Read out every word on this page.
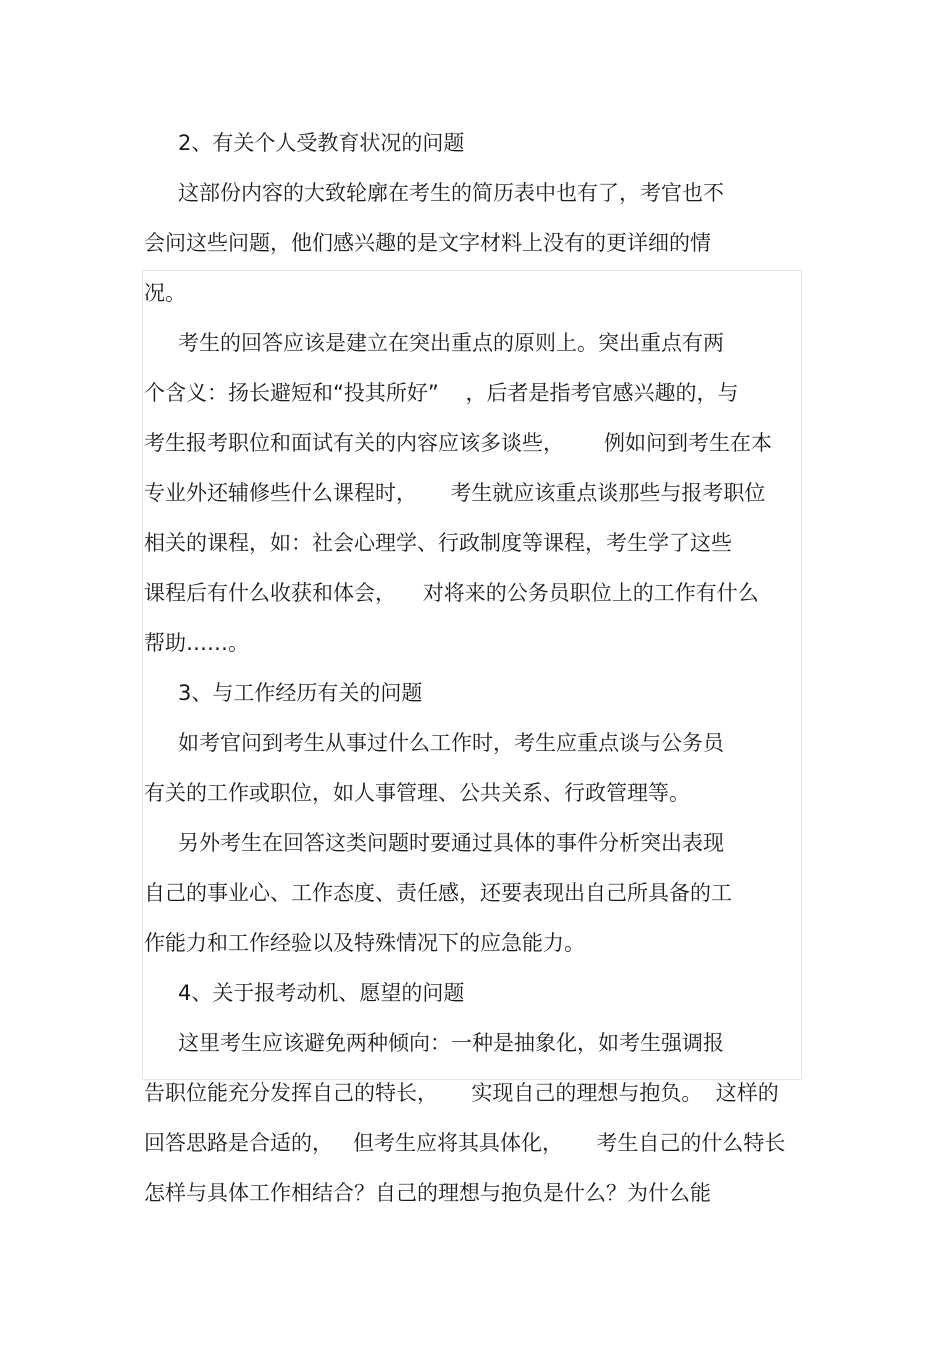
2、有关个人受教育状况的问题
这部份内容的大致轮廓在考生的简历表中也有了，考官也不
会问这些问题，他们感兴趣的是文字材料上没有的更详细的情
况。
考生的回答应该是建立在突出重点的原则上。突出重点有两
个含义：扬长避短和“投其所好”    ，后者是指考官感兴趣的，与
考生报考职位和面试有关的内容应该多谈些，      例如问到考生在本
专业外还辅修些什么课程时，     考生就应该重点谈那些与报考职位
相关的课程，如：社会心理学、行政制度等课程，考生学了这些
课程后有什么收获和体会，    对将来的公务员职位上的工作有什么
帮助……。
3、与工作经历有关的问题
如考官问到考生从事过什么工作时，考生应重点谈与公务员
有关的工作或职位，如人事管理、公共关系、行政管理等。
另外考生在回答这类问题时要通过具体的事件分析突出表现
自己的事业心、工作态度、责任感，还要表现出自己所具备的工
作能力和工作经验以及特殊情况下的应急能力。
4、关于报考动机、愿望的问题
这里考生应该避免两种倾向：一种是抽象化，如考生强调报
告职位能充分发挥自己的特长，     实现自己的理想与抱负。  这样的
回答思路是合适的，   但考生应将其具体化，     考生自己的什么特长
怎样与具体工作相结合？自己的理想与抱负是什么？为什么能
